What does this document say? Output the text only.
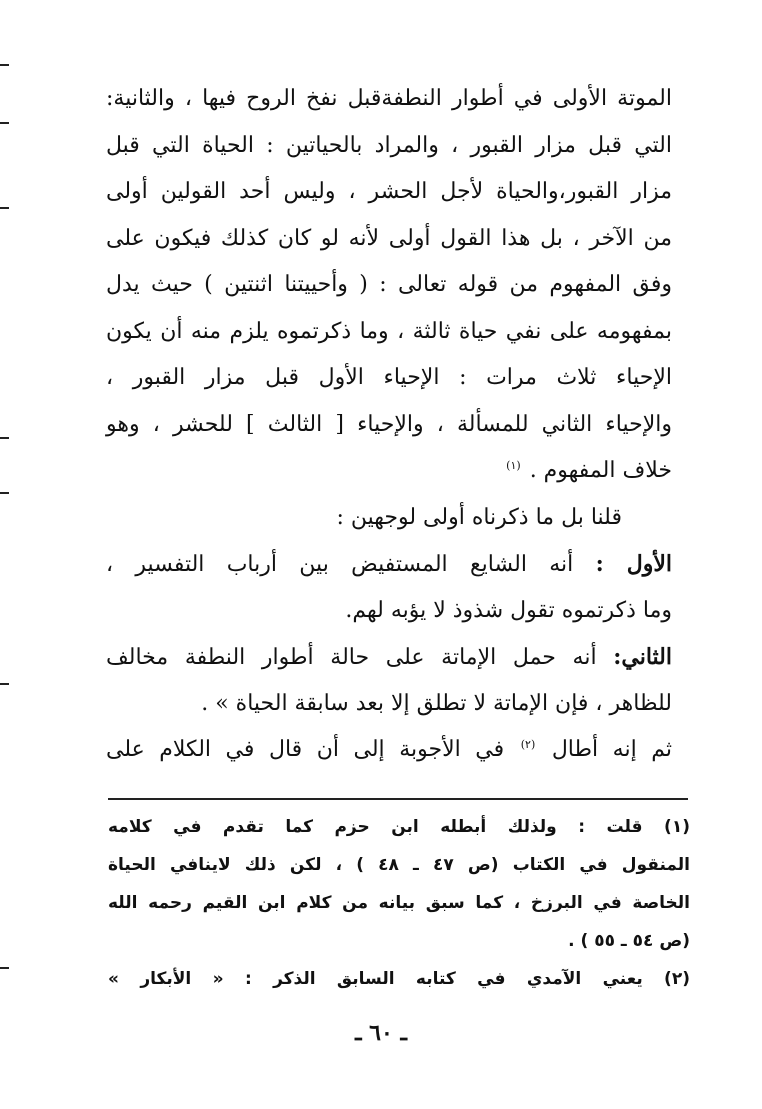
الموتة الأولى في أطوار النطفةقبل نفخ الروح فيها ، والثانية:
التي قبل مزار القبور ، والمراد بالحياتين : الحياة التي قبل
مزار القبور،والحياة لأجل الحشر ، وليس أحد القولين أولى
من الآخر ، بل هذا القول أولى لأنه لو كان كذلك فيكون على
وفق المفهوم من قوله تعالى : ( وأحييتنا اثنتين ) حيث يدل
بمفهومه على نفي حياة ثالثة ، وما ذكرتموه يلزم منه أن يكون
الإحياء ثلاث مرات : الإحياء الأول قبل مزار القبور ،
والإحياء الثاني للمسألة ، والإحياء [ الثالث ] للحشر ، وهو
خلاف المفهوم . $^{(١)}$
قلنا بل ما ذكرناه أولى لوجهين :
الأول : أنه الشايع المستفيض بين أرباب التفسير ،
وما ذكرتموه تقول شذوذ لا يؤبه لهم.
الثاني: أنه حمل الإماتة على حالة أطوار النطفة مخالف
للظاهر ، فإن الإماتة لا تطلق إلا بعد سابقة الحياة » .
ثم إنه أطال $^{(٢)}$ في الأجوبة إلى أن قال في الكلام على
(١) قلت : ولذلك أبطله ابن حزم كما تقدم في كلامه
المنقول في الكتاب (ص ٤٧ ـ ٤٨ ) ، لكن ذلك لاينافي الحياة
الخاصة في البرزخ ، كما سبق بيانه من كلام ابن القيم رحمه الله
(ص ٥٤ ـ ٥٥ ) .
(٢) يعني الآمدي في كتابه السابق الذكر : « الأبكار »
ـ ٦٠ ـ
